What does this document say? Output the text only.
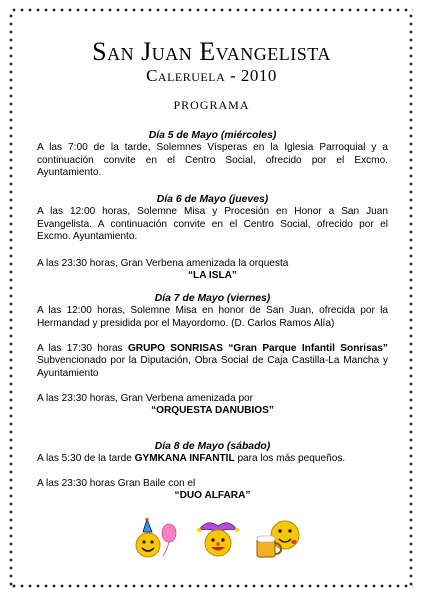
San Juan Evangelista
Caleruela - 2010
PROGRAMA
Día 5 de Mayo (miércoles)
A las 7:00 de la tarde, Solemnes Vísperas en la Iglesia Parroquial y a continuación convite en el Centro Social, ofrecido por el Excmo. Ayuntamiento.
Día 6 de Mayo (jueves)
A las 12:00 horas, Solemne Misa y Procesión en Honor a San Juan Evangelista. A continuación convite en el Centro Social, ofrecido por el Excmo. Ayuntamiento.
A las 23:30 horas, Gran Verbena amenizada la orquesta
“LA ISLA”
Día 7 de Mayo (viernes)
A las 12:00 horas, Solemne Misa en honor de San Juan, ofrecida por la Hermandad y presidida por el Mayordomo. (D. Carlos Ramos Alía)
A las 17:30 horas GRUPO SONRISAS “Gran Parque Infantil Sonrisas” Subvencionado por la Diputación, Obra Social de Caja Castilla-La Mancha y Ayuntamiento
A las 23:30 horas, Gran Verbena amenizada por
“ORQUESTA DANUBIOS”
Día 8 de Mayo (sábado)
A las 5:30 de la tarde GYMKANA INFANTIL para los más pequeños.
A las 23:30 horas Gran Baile con el
“DUO ALFARA”
